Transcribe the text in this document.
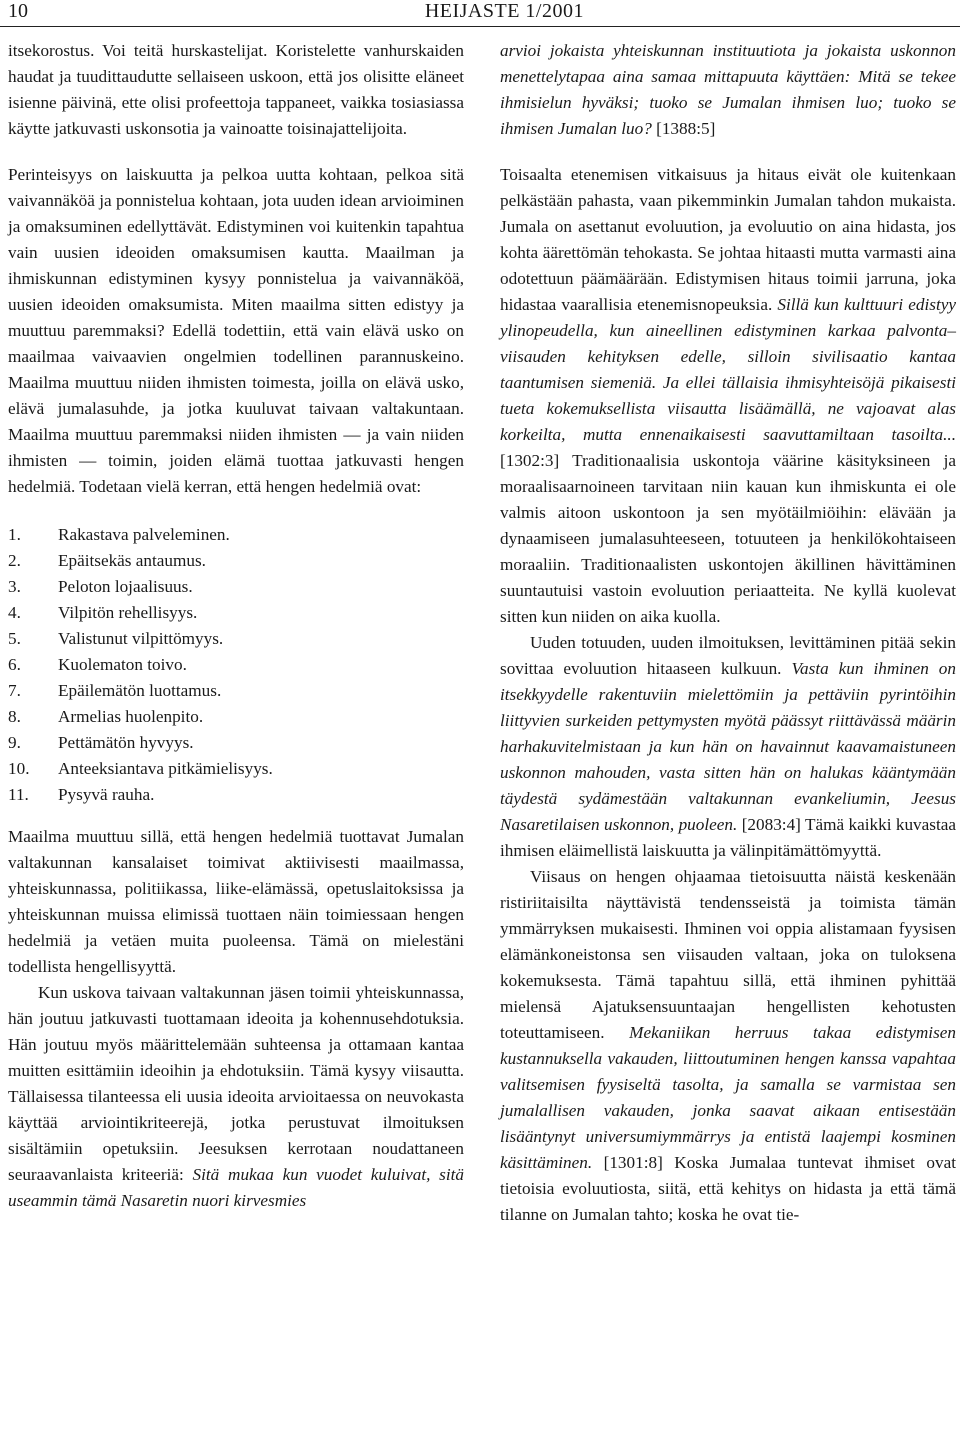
10	HEIJASTE 1/2001

itsekorostus. Voi teitä hurskastelijat. Koristelette vanhurskaiden haudat ja tuudittaudutte sellaiseen uskoon, että jos olisitte eläneet isienne päivinä, ette olisi profeettoja tappaneet, vaikka tosiasiassa käytte jatkuvasti uskonsotia ja vainoatte toisinajattelijoita.

Perinteisyys on laiskuutta ja pelkoa uutta kohtaan, pelkoa sitä vaivannäköä ja ponnistelua kohtaan, jota uuden idean arvioiminen ja omaksuminen edellyttävät. Edistyminen voi kuitenkin tapahtua vain uusien ideoiden omaksumisen kautta. Maailman ja ihmiskunnan edistyminen kysyy ponnistelua ja vaivannäköä, uusien ideoiden omaksumista. Miten maailma sitten edistyy ja muuttuu paremmaksi? Edellä todettiin, että vain elävä usko on maailmaa vaivaavien ongelmien todellinen parannuskeino. Maailma muuttuu niiden ihmisten toimesta, joilla on elävä usko, elävä jumalasuhde, ja jotka kuuluvat taivaan valtakuntaan. Maailma muuttuu paremmaksi niiden ihmisten — ja vain niiden ihmisten — toimin, joiden elämä tuottaa jatkuvasti hengen hedelmiä. Todetaan vielä kerran, että hengen hedelmiä ovat:

1.	Rakastava palveleminen.
2.	Epäitsekäs antaumus.
3.	Peloton lojaalisuus.
4.	Vilpitön rehellisyys.
5.	Valistunut vilpittömyys.
6.	Kuolematon toivo.
7.	Epäilemätön luottamus.
8.	Armelias huolenpito.
9.	Pettämätön hyvyys.
10.	Anteeksiantava pitkämielisyys.
11.	Pysyvä rauha.

Maailma muuttuu sillä, että hengen hedelmiä tuottavat Jumalan valtakunnan kansalaiset toimivat aktiivisesti maailmassa, yhteiskunnassa, politiikassa, liike-elämässä, opetuslaitoksissa ja yhteiskunnan muissa elimissä tuottaen näin toimiessaan hengen hedelmiä ja vetäen muita puoleensa. Tämä on mielestäni todellista hengellisyyttä.

Kun uskova taivaan valtakunnan jäsen toimii yhteiskunnassa, hän joutuu jatkuvasti tuottamaan ideoita ja kohennusehdotuksia. Hän joutuu myös määrittelemään suhteensa ja ottamaan kantaa muitten esittämiin ideoihin ja ehdotuksiin. Tämä kysyy viisautta. Tällaisessa tilanteessa eli uusia ideoita arvioitaessa on neuvokasta käyttää arviointikriteerejä, jotka perustuvat ilmoituksen sisältämiin opetuksiin. Jeesuksen kerrotaan noudattaneen seuraavanlaista kriteeriä: Sitä mukaa kun vuodet kuluivat, sitä useammin tämä Nasaretin nuori kirvesmies

arvioi jokaista yhteiskunnan instituutiota ja jokaista uskonnon menettelytapaa aina samaa mittapuuta käyttäen: Mitä se tekee ihmisielun hyväksi; tuoko se Jumalan ihmisen luo; tuoko se ihmisen Jumalan luo? [1388:5]

Toisaalta etenemisen vitkaisuus ja hitaus eivät ole kuitenkaan pelkästään pahasta, vaan pikemminkin Jumalan tahdon mukaista. Jumala on asettanut evoluution, ja evoluutio on aina hidasta, jos kohta äärettömän tehokasta. Se johtaa hitaasti mutta varmasti aina odotettuun päämäärään. Edistymisen hitaus toimii jarruna, joka hidastaa vaarallisia etenemisnopeuksia. Sillä kun kulttuuri edistyy ylinopeudella, kun aineellinen edistyminen karkaa palvonta–viisauden kehityksen edelle, silloin sivilisaatio kantaa taantumisen siemeniä. Ja ellei tällaisia ihmisyhteisöjä pikaisesti tueta kokemuksellista viisautta lisäämällä, ne vajoavat alas korkeilta, mutta ennenaikaisesti saavuttamiltaan tasoilta... [1302:3] Traditionaalisia uskontoja väärine käsityksineen ja moraalisaarnoineen tarvitaan niin kauan kun ihmiskunta ei ole valmis aitoon uskontoon ja sen myötäilmiöihin: elävään ja dynaamiseen jumalasuhteeseen, totuuteen ja henkilökohtaiseen moraaliin. Traditionaalisten uskontojen äkillinen hävittäminen suuntautuisi vastoin evoluution periaatteita. Ne kyllä kuolevat sitten kun niiden on aika kuolla.

Uuden totuuden, uuden ilmoituksen, levittäminen pitää sekin sovittaa evoluution hitaaseen kulkuun. Vasta kun ihminen on itsekkyydelle rakentuviin mielettömiin ja pettäviin pyrintöihin liittyvien surkeiden pettymysten myötä päässyt riittävässä määrin harhakuvitelmistaan ja kun hän on havainnut kaavamaistuneen uskonnon mahouden, vasta sitten hän on halukas kääntymään täydestä sydämestään valtakunnan evankeliumin, Jeesus Nasaretilaisen uskonnon, puoleen. [2083:4] Tämä kaikki kuvastaa ihmisen eläimellistä laiskuutta ja välinpitämättömyyttä.

Viisaus on hengen ohjaamaa tietoisuutta näistä keskenään ristiriitaisilta näyttävistä tendensseistä ja toimista tämän ymmärryksen mukaisesti. Ihminen voi oppia alistamaan fyysisen elämänkoneistonsa sen viisauden valtaan, joka on tuloksena kokemuksesta. Tämä tapahtuu sillä, että ihminen pyhittää mielensä Ajatuksensuuntaajan hengellisten kehotusten toteuttamiseen. Mekaniikan herruus takaa edistymisen kustannuksella vakauden, liittoutuminen hengen kanssa vapahtaa valitsemisen fyysiseltä tasolta, ja samalla se varmistaa sen jumalallisen vakauden, jonka saavat aikaan entisestään lisääntynyt universumiymmärrys ja entistä laajempi kosminen käsittäminen. [1301:8] Koska Jumalaa tuntevat ihmiset ovat tietoisia evoluutiosta, siitä, että kehitys on hidasta ja että tämä tilanne on Jumalan tahto; koska he ovat tie-
